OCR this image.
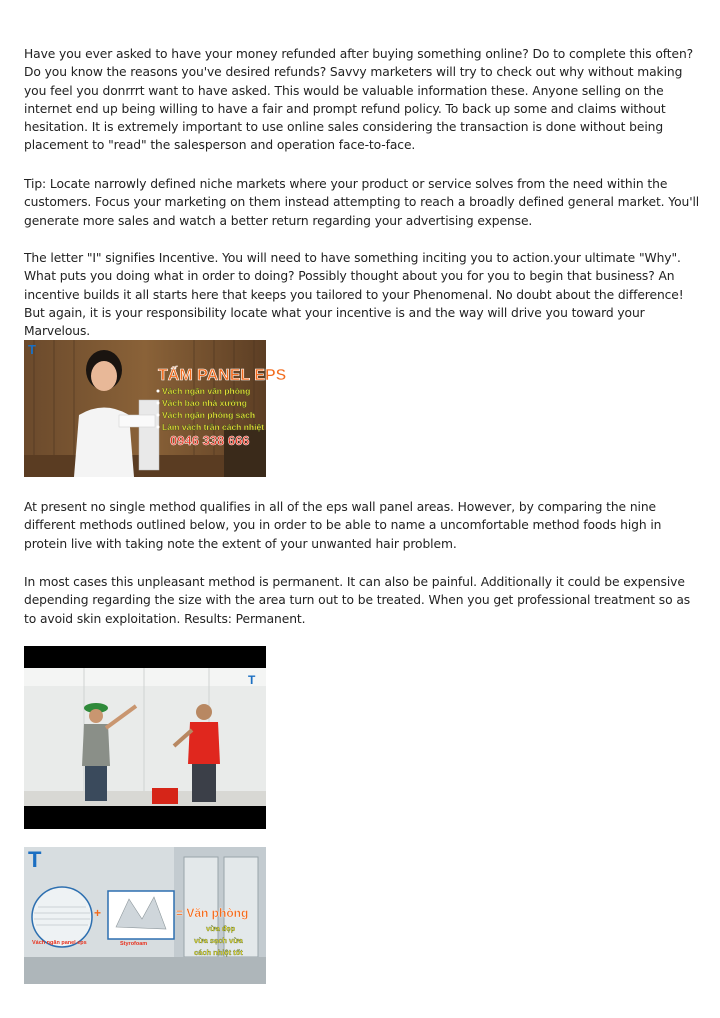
Have you ever asked to have your money refunded after buying something online? Do to complete this often? Do you know the reasons you've desired refunds? Savvy marketers will try to check out why without making you feel you donrrrt want to have asked. This would be valuable information these. Anyone selling on the internet end up being willing to have a fair and prompt refund policy. To back up some and claims without hesitation. It is extremely important to use online sales considering the transaction is done without being placement to "read" the salesperson and operation face-to-face.

Tip: Locate narrowly defined niche markets where your product or service solves from the need within the customers. Focus your marketing on them instead attempting to reach a broadly defined general market. You'll generate more sales and watch a better return regarding your advertising expense.

The letter "I" signifies Incentive. You will need to have something inciting you to action.your ultimate "Why". What puts you doing what in order to doing? Possibly thought about you for you to begin that business? An incentive builds it all starts here that keeps you tailored to your Phenomenal. No doubt about the difference! But again, it is your responsibility locate what your incentive is and the way will drive you toward your Marvelous.

T
TẤM PANEL EPS
Vách ngăn văn phòng
Vách bao nhà xưởng
Vách ngăn phòng sạch
Làm vách trần cách nhiệt
0946 338 666

At present no single method qualifies in all of the eps wall panel areas. However, by comparing the nine different methods outlined below, you in order to be able to name a uncomfortable method foods high in protein live with taking note the extent of your unwanted hair problem.

In most cases this unpleasant method is permanent. It can also be painful. Additionally it could be expensive depending regarding the size with the area turn out to be treated. When you get professional treatment so as to avoid skin exploitation. Results: Permanent.

T
T
+
Vách ngăn panel eps	Styrofoam
= Văn phòng
vừa đẹp
vừa sạch vừa
cách nhiệt tốt
